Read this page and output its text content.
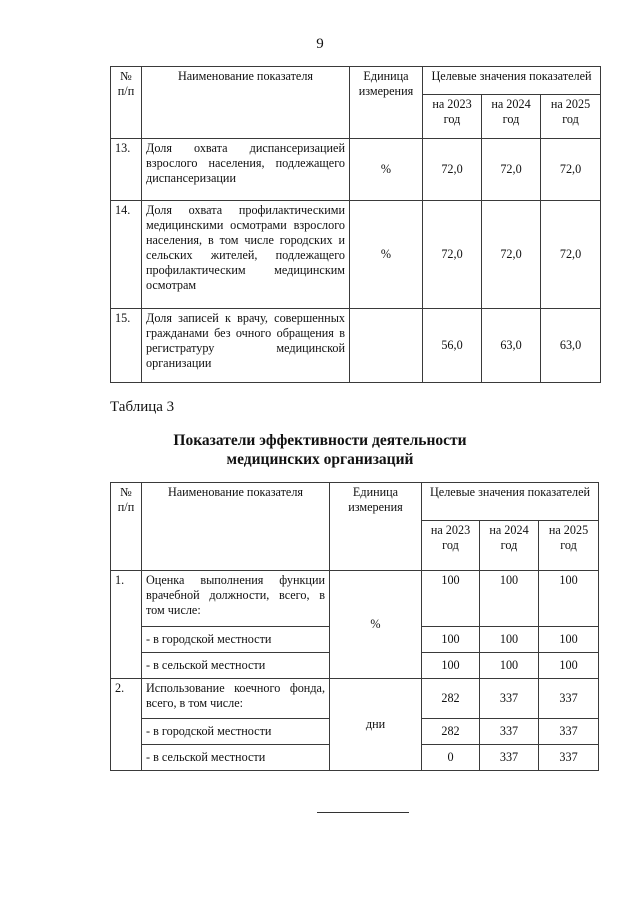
9
№ п/п	Наименование показателя	Единица измерения	Целевые значения показателей		
			на 2023 год	на 2024 год	на 2025 год
13.	Доля охвата диспансеризацией взрослого населения, подлежащего диспансеризации	%	72,0	72,0	72,0
14.	Доля охвата профилактическими медицинскими осмотрами взрослого населения, в том числе городских и сельских жителей, подлежащего профилактическим медицинским осмотрам	%	72,0	72,0	72,0
15.	Доля записей к врачу, совершенных гражданами без очного обращения в регистратуру медицинской организации		56,0	63,0	63,0
Таблица 3
Показатели эффективности деятельности
медицинских организаций
№ п/п	Наименование показателя	Единица измерения	Целевые значения показателей		
			на 2023 год	на 2024 год	на 2025 год
1.	Оценка выполнения функции врачебной должности, всего, в том числе:	%	100	100	100
	- в городской местности		100	100	100
	- в сельской местности		100	100	100
2.	Использование коечного фонда, всего, в том числе:	дни	282	337	337
	- в городской местности		282	337	337
	- в сельской местности		0	337	337
